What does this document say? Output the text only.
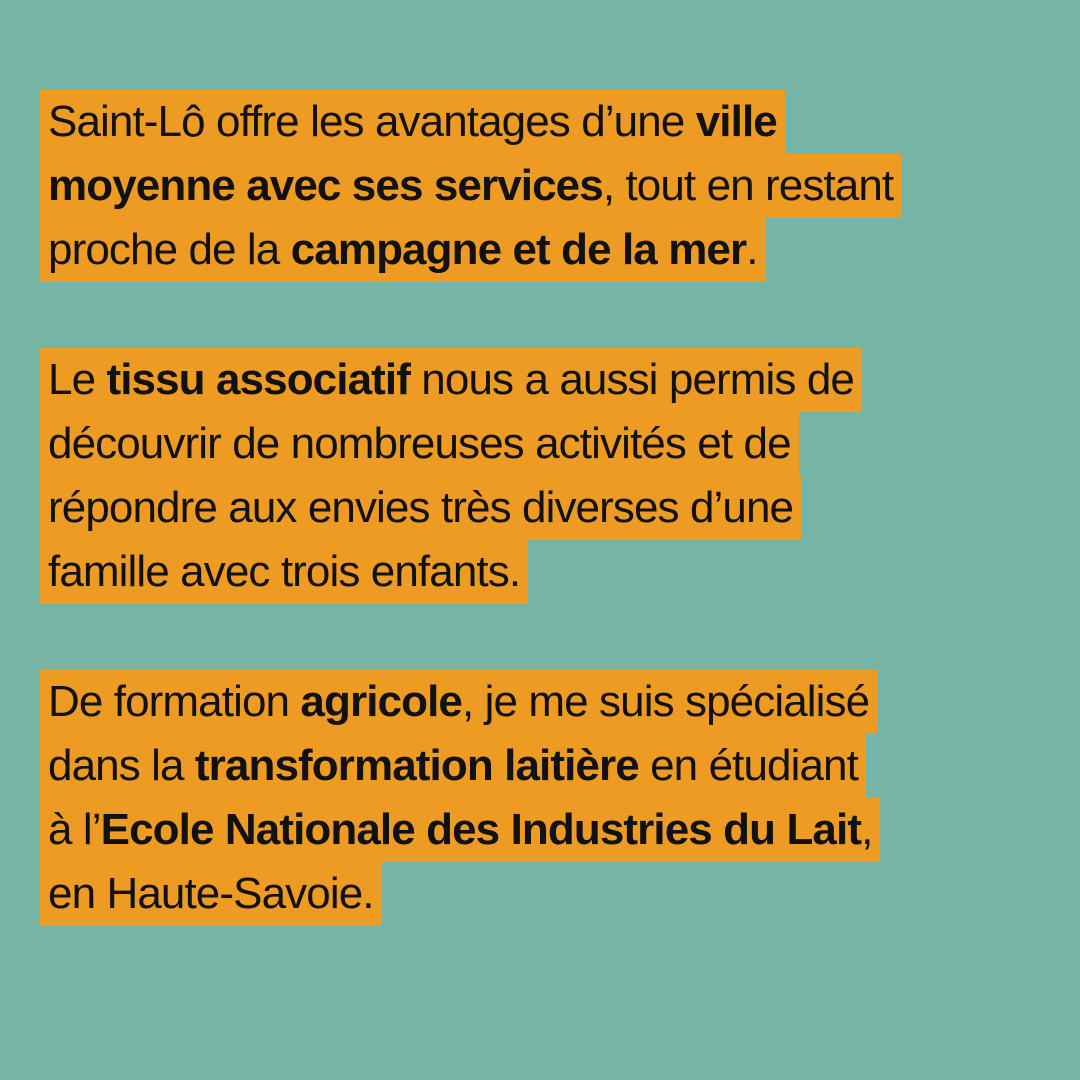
Saint-Lô offre les avantages d’une ville
moyenne avec ses services, tout en restant
proche de la campagne et de la mer.
Le tissu associatif nous a aussi permis de
découvrir de nombreuses activités et de
répondre aux envies très diverses d’une
famille avec trois enfants.
De formation agricole, je me suis spécialisé
dans la transformation laitière en étudiant
à l’Ecole Nationale des Industries du Lait,
en Haute-Savoie.
